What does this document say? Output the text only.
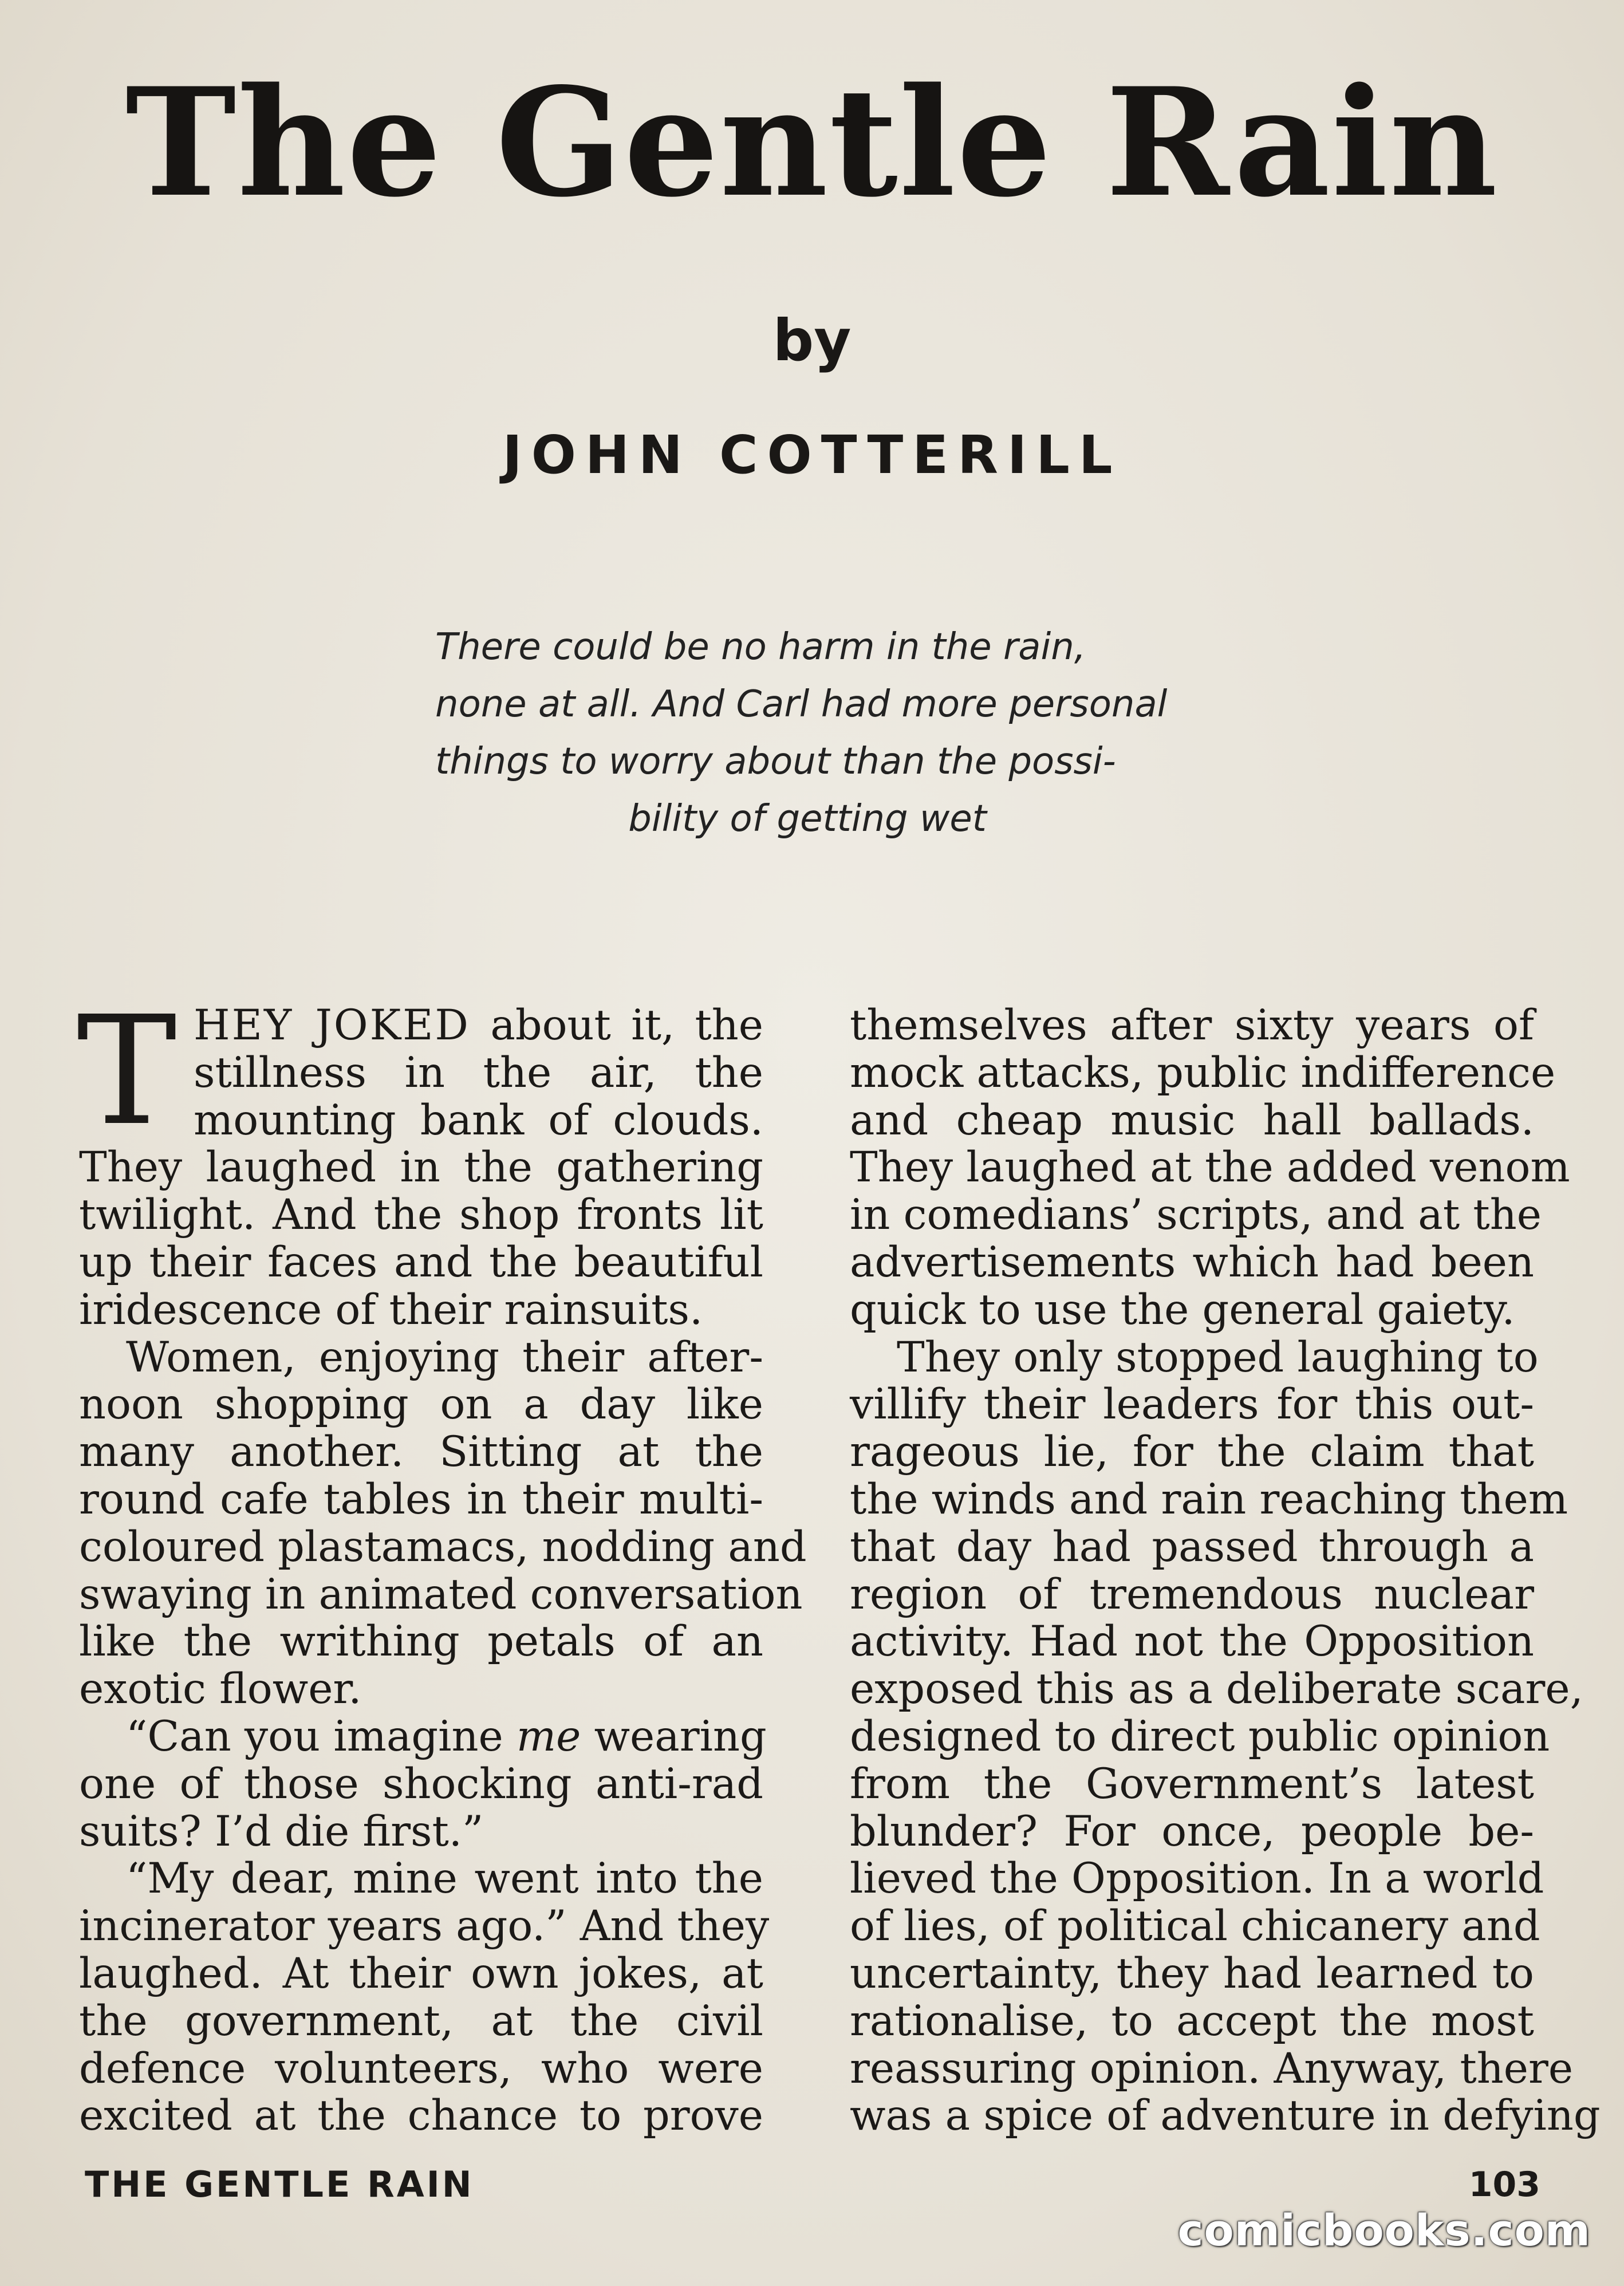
The Gentle Rain
by
JOHN COTTERILL
There could be no harm in the rain,
none at all. And Carl had more personal
things to worry about than the possi-
bility of getting wet
T HEY JOKED about it, the
stillness in the air, the
mounting bank of clouds.
They laughed in the gathering
twilight. And the shop fronts lit
up their faces and the beautiful
iridescence of their rainsuits.
Women, enjoying their after-
noon shopping on a day like
many another. Sitting at the
round cafe tables in their multi-
coloured plastamacs, nodding and
swaying in animated conversation
like the writhing petals of an
exotic flower.
“Can you imagine me wearing
one of those shocking anti-rad
suits? I’d die first.”
“My dear, mine went into the
incinerator years ago.” And they
laughed. At their own jokes, at
the government, at the civil
defence volunteers, who were
excited at the chance to prove
themselves after sixty years of
mock attacks, public indifference
and cheap music hall ballads.
They laughed at the added venom
in comedians’ scripts, and at the
advertisements which had been
quick to use the general gaiety.
They only stopped laughing to
villify their leaders for this out-
rageous lie, for the claim that
the winds and rain reaching them
that day had passed through a
region of tremendous nuclear
activity. Had not the Opposition
exposed this as a deliberate scare,
designed to direct public opinion
from the Government’s latest
blunder? For once, people be-
lieved the Opposition. In a world
of lies, of political chicanery and
uncertainty, they had learned to
rationalise, to accept the most
reassuring opinion. Anyway, there
was a spice of adventure in defying
THE GENTLE RAIN	103
comicbooks.com
